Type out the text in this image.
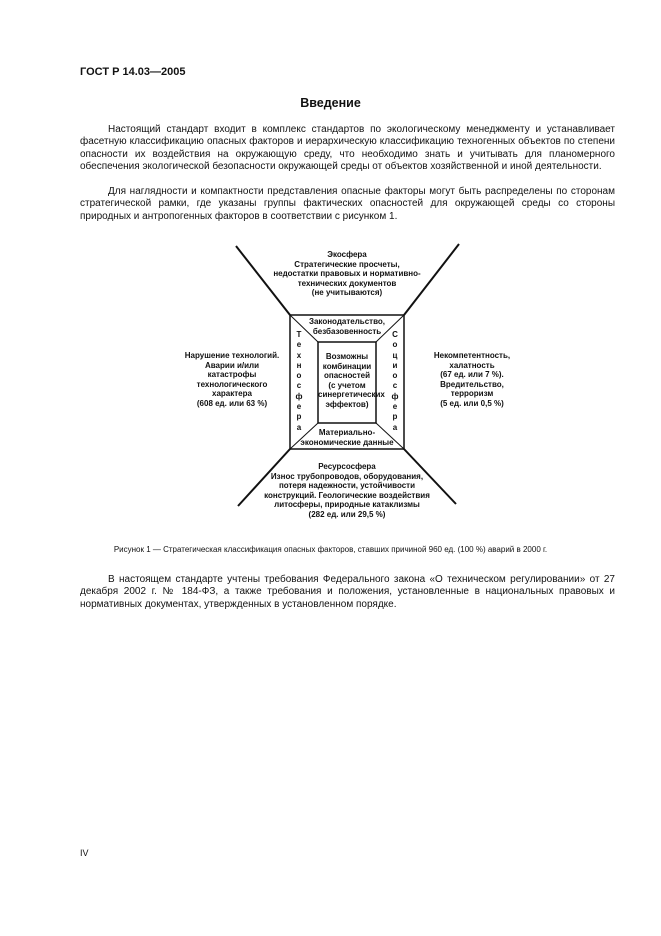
ГОСТ Р 14.03—2005
Введение

Настоящий стандарт входит в комплекс стандартов по экологическому менеджменту и устанавливает фасетную классификацию опасных факторов и иерархическую классификацию техногенных объектов по степени опасности их воздействия на окружающую среду, что необходимо знать и учитывать для планомерного обеспечения экологической безопасности окружающей среды от объектов хозяйственной и иной деятельности.

Для наглядности и компактности представления опасные факторы могут быть распределены по сторонам стратегической рамки, где указаны группы фактических опасностей для окружающей среды со стороны природных и антропогенных факторов в соответствии с рисунком 1.

Экосфера
Стратегические просчеты,
недостатки правовых и нормативно-
технических документов
(не учитываются)
Законодательство,
безбазовенность
Возможны
комбинации
опасностей
(с учетом
синергетических
эффектов)
Материально-
экономические данные
Т
е
х
н
о
с
ф
е
р
а
С
о
ц
и
о
с
ф
е
р
а
Нарушение технологий.
Аварии и/или
катастрофы
технологического
характера
(608 ед. или 63 %)
Некомпетентность,
халатность
(67 ед. или 7 %).
Вредительство,
терроризм
(5 ед. или 0,5 %)
Ресурсосфера
Износ трубопроводов, оборудования,
потеря надежности, устойчивости
конструкций. Геологические воздействия
литосферы, природные катаклизмы
(282 ед. или 29,5 %)
Рисунок 1 — Стратегическая классификация опасных факторов, ставших причиной 960 ед. (100 %) аварий в 2000 г.

В настоящем стандарте учтены требования Федерального закона «О техническом регулировании» от 27 декабря 2002 г. № 184-ФЗ, а также требования и положения, установленные в национальных правовых и нормативных документах, утвержденных в установленном порядке.

IV
